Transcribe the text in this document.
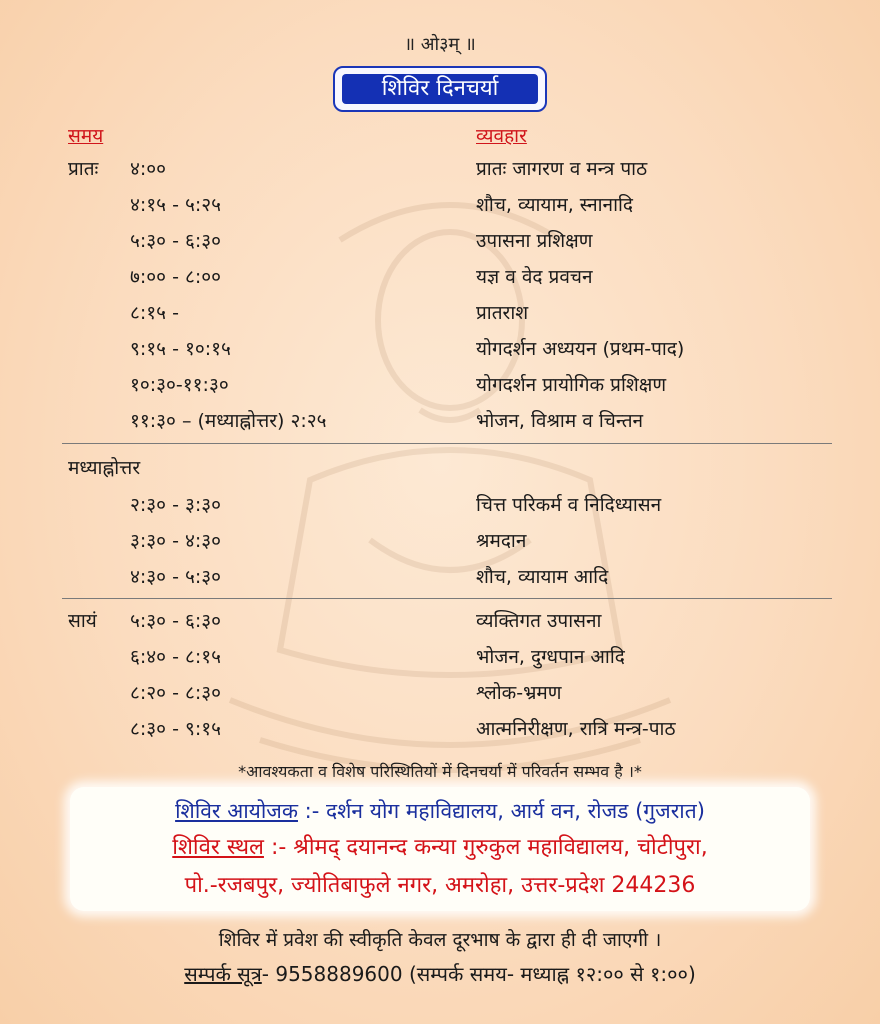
॥ ओ३म् ॥
शिविर दिनचर्या
समय	व्यवहार
प्रातः ४:००	प्रातः जागरण व मन्त्र पाठ
४:१५ - ५:२५	शौच, व्यायाम, स्नानादि
५:३० - ६:३०	उपासना प्रशिक्षण
७:०० - ८:००	यज्ञ व वेद प्रवचन
८:१५ -	प्रातराश
९:१५ - १०:१५	योगदर्शन अध्ययन (प्रथम-पाद)
१०:३०-११:३०	योगदर्शन प्रायोगिक प्रशिक्षण
११:३० – (मध्याह्नोत्तर) २:२५	भोजन, विश्राम व चिन्तन
मध्याह्नोत्तर
२:३० - ३:३०	चित्त परिकर्म व निदिध्यासन
३:३० - ४:३०	श्रमदान
४:३० - ५:३०	शौच, व्यायाम आदि
सायं ५:३० - ६:३०	व्यक्तिगत उपासना
६:४० - ८:१५	भोजन, दुग्धपान आदि
८:२० - ८:३०	श्लोक-भ्रमण
८:३० - ९:१५	आत्मनिरीक्षण, रात्रि मन्त्र-पाठ
*आवश्यकता व विशेष परिस्थितियों में दिनचर्या में परिवर्तन सम्भव है ।*
शिविर आयोजक :- दर्शन योग महाविद्यालय, आर्य वन, रोजड (गुजरात)
शिविर स्थल :- श्रीमद् दयानन्द कन्या गुरुकुल महाविद्यालय, चोटीपुरा,
पो.-रजबपुर, ज्योतिबाफुले नगर, अमरोहा, उत्तर-प्रदेश 244236
शिविर में प्रवेश की स्वीकृति केवल दूरभाष के द्वारा ही दी जाएगी ।
सम्पर्क सूत्र- 9558889600 (सम्पर्क समय- मध्याह्न १२:०० से १:००)
